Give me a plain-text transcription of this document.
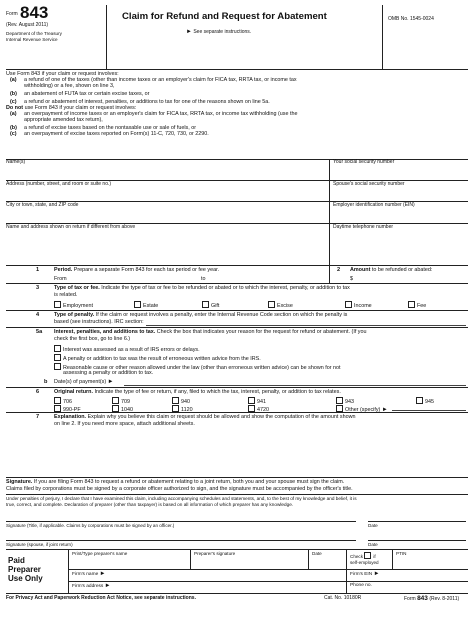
Form 843
(Rev. August 2011)
Department of the Treasury
Internal Revenue Service
Claim for Refund and Request for Abatement
► See separate instructions.
OMB No. 1545-0024
Use Form 843 if your claim or request involves:
(a)	a refund of one of the taxes (other than income taxes or an employer's claim for FICA tax, RRTA tax, or income tax
withholding) or a fee, shown on line 3,
(b)	an abatement of FUTA tax or certain excise taxes, or
(c)	a refund or abatement of interest, penalties, or additions to tax for one of the reasons shown on line 5a.
Do not use Form 843 if your claim or request involves:
(a)	an overpayment of income taxes or an employer's claim for FICA tax, RRTA tax, or income tax withholding (use the
appropriate amended tax return),
(b)	a refund of excise taxes based on the nontaxable use or sale of fuels, or
(c)	an overpayment of excise taxes reported on Form(s) 11-C, 720, 730, or 2290.
Name(s)	Your social security number
Address (number, street, and room or suite no.)	Spouse's social security number
City or town, state, and ZIP code	Employer identification number (EIN)
Name and address shown on return if different from above	Daytime telephone number
1	Period. Prepare a separate Form 843 for each tax period or fee year.
From	to
2 Amount to be refunded or abated:
$
3	Type of tax or fee. Indicate the type of tax or fee to be refunded or abated or to which the interest, penalty, or addition to tax
is related.
Employment	Estate	Gift	Excise	Income	Fee
4	Type of penalty. If the claim or request involves a penalty, enter the Internal Revenue Code section on which the penalty is
based (see instructions). IRC section:
5a Interest, penalties, and additions to tax. Check the box that indicates your reason for the request for refund or abatement. (If you
check the first box, go to line 6.)
Interest was assessed as a result of IRS errors or delays.
A penalty or addition to tax was the result of erroneous written advice from the IRS.
Reasonable cause or other reason allowed under the law (other than erroneous written advice) can be shown for not
assessing a penalty or addition to tax.
b Date(s) of payment(s) ►
6	Original return. Indicate the type of fee or return, if any, filed to which the tax, interest, penalty, or addition to tax relates.
706	709	940	941	943	945
990-PF	1040	1120	4720	Other (specify) ►
7	Explanation. Explain why you believe this claim or request should be allowed and show the computation of the amount shown
on line 2. If you need more space, attach additional sheets.
Signature. If you are filing Form 843 to request a refund or abatement relating to a joint return, both you and your spouse must sign the claim.
Claims filed by corporations must be signed by a corporate officer authorized to sign, and the signature must be accompanied by the officer's title.
Under penalties of perjury, I declare that I have examined this claim, including accompanying schedules and statements, and, to the best of my knowledge and belief, it is
true, correct, and complete. Declaration of preparer (other than taxpayer) is based on all information of which preparer has any knowledge.
Signature (Title, if applicable. Claims by corporations must be signed by an officer.)	Date
Signature (spouse, if joint return)	Date
Paid
Preparer
Use Only
Print/Type preparer's name	Preparer's signature	Date
Check if
self-employed
PTIN
Firm's name ►	Firm's EIN ►
Firm's address ►	Phone no.
For Privacy Act and Paperwork Reduction Act Notice, see separate instructions.	Cat. No. 10180R	Form 843 (Rev. 8-2011)
